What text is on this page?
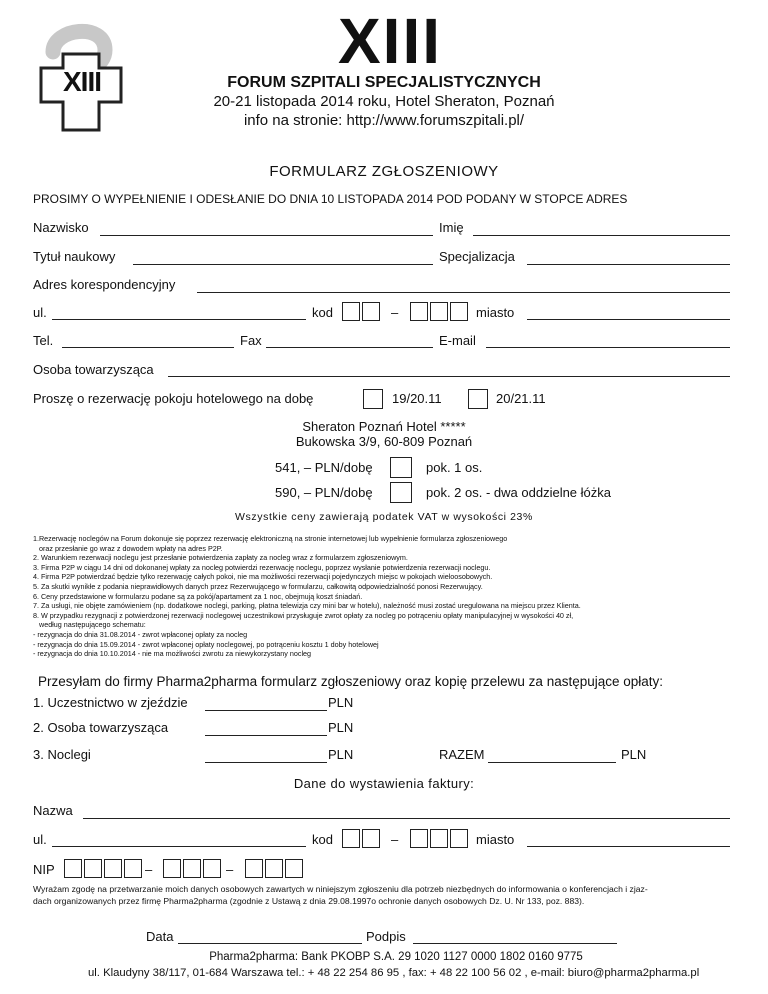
XIII
XIII
FORUM SZPITALI SPECJALISTYCZNYCH
20-21 listopada 2014 roku, Hotel Sheraton, Poznań
info na stronie: http://www.forumszpitali.pl/
FORMULARZ ZGŁOSZENIOWY
PROSIMY O WYPEŁNIENIE I ODESŁANIE DO DNIA 10 LISTOPADA 2014 POD PODANY W STOPCE ADRES
Nazwisko	Imię
Tytuł naukowy	Specjalizacja
Adres korespondencyjny
ul.	kod	–	miasto
Tel.	Fax	E-mail
Osoba towarzysząca
Proszę o rezerwację pokoju hotelowego na dobę	19/20.11	20/21.11
Sheraton Poznań Hotel *****
Bukowska 3/9, 60-809 Poznań
541, – PLN/dobę	pok. 1 os.
590, – PLN/dobę	pok. 2 os. - dwa oddzielne łóżka
Wszystkie ceny zawierają podatek VAT w wysokości 23%
1.Rezerwację noclegów na Forum dokonuje się poprzez rezerwację elektroniczną na stronie internetowej lub wypełnienie formularza zgłoszeniowego
oraz przesłanie go wraz z dowodem wpłaty na adres P2P.
2. Warunkiem rezerwacji noclegu jest przesłanie potwierdzenia zapłaty za nocleg wraz z formularzem zgłoszeniowym.
3. Firma P2P w ciągu 14 dni od dokonanej wpłaty za nocleg potwierdzi rezerwację noclegu, poprzez wysłanie potwierdzenia rezerwacji noclegu.
4. Firma P2P potwierdzać będzie tylko rezerwację całych pokoi, nie ma możliwości rezerwacji pojedynczych miejsc w pokojach wieloosobowych.
5. Za skutki wynikłe z podania nieprawidłowych danych przez Rezerwującego w formularzu, całkowitą odpowiedzialność ponosi Rezerwujący.
6. Ceny przedstawione w formularzu podane są za pokój/apartament za 1 noc, obejmują koszt śniadań.
7. Za usługi, nie objęte zamówieniem (np. dodatkowe noclegi, parking, płatna telewizja czy mini bar w hotelu), należność musi zostać uregulowana na miejscu przez Klienta.
8. W przypadku rezygnacji z potwierdzonej rezerwacji noclegowej uczestnikowi przysługuje zwrot opłaty za nocleg po potrąceniu opłaty manipulacyjnej w wysokości 40 zł,
według następującego schematu:
- rezygnacja do dnia 31.08.2014 - zwrot wpłaconej opłaty za nocleg
- rezygnacja do dnia 15.09.2014 - zwrot wpłaconej opłaty noclegowej, po potrąceniu kosztu 1 doby hotelowej
- rezygnacja do dnia 10.10.2014 - nie ma możliwości zwrotu za niewykorzystany nocleg
Przesyłam do firmy Pharma2pharma formularz zgłoszeniowy oraz kopię przelewu za następujące opłaty:
1. Uczestnictwo w zjeździe	PLN
2. Osoba towarzysząca	PLN
3. Noclegi	PLN	RAZEM	PLN
Dane do wystawienia faktury:
Nazwa
ul.	kod	–	miasto
NIP	–	–
Wyrażam zgodę na przetwarzanie moich danych osobowych zawartych w niniejszym zgłoszeniu dla potrzeb niezbędnych do informowania o konferencjach i zjaz-
dach organizowanych przez firmę Pharma2pharma (zgodnie z Ustawą z dnia 29.08.1997o ochronie danych osobowych Dz. U. Nr 133, poz. 883).
Data	Podpis
Pharma2pharma: Bank PKOBP S.A. 29 1020 1127 0000 1802 0160 9775
ul. Klaudyny 38/117, 01-684 Warszawa tel.: + 48 22 254 86 95 , fax: + 48 22 100 56 02 , e-mail: biuro@pharma2pharma.pl
